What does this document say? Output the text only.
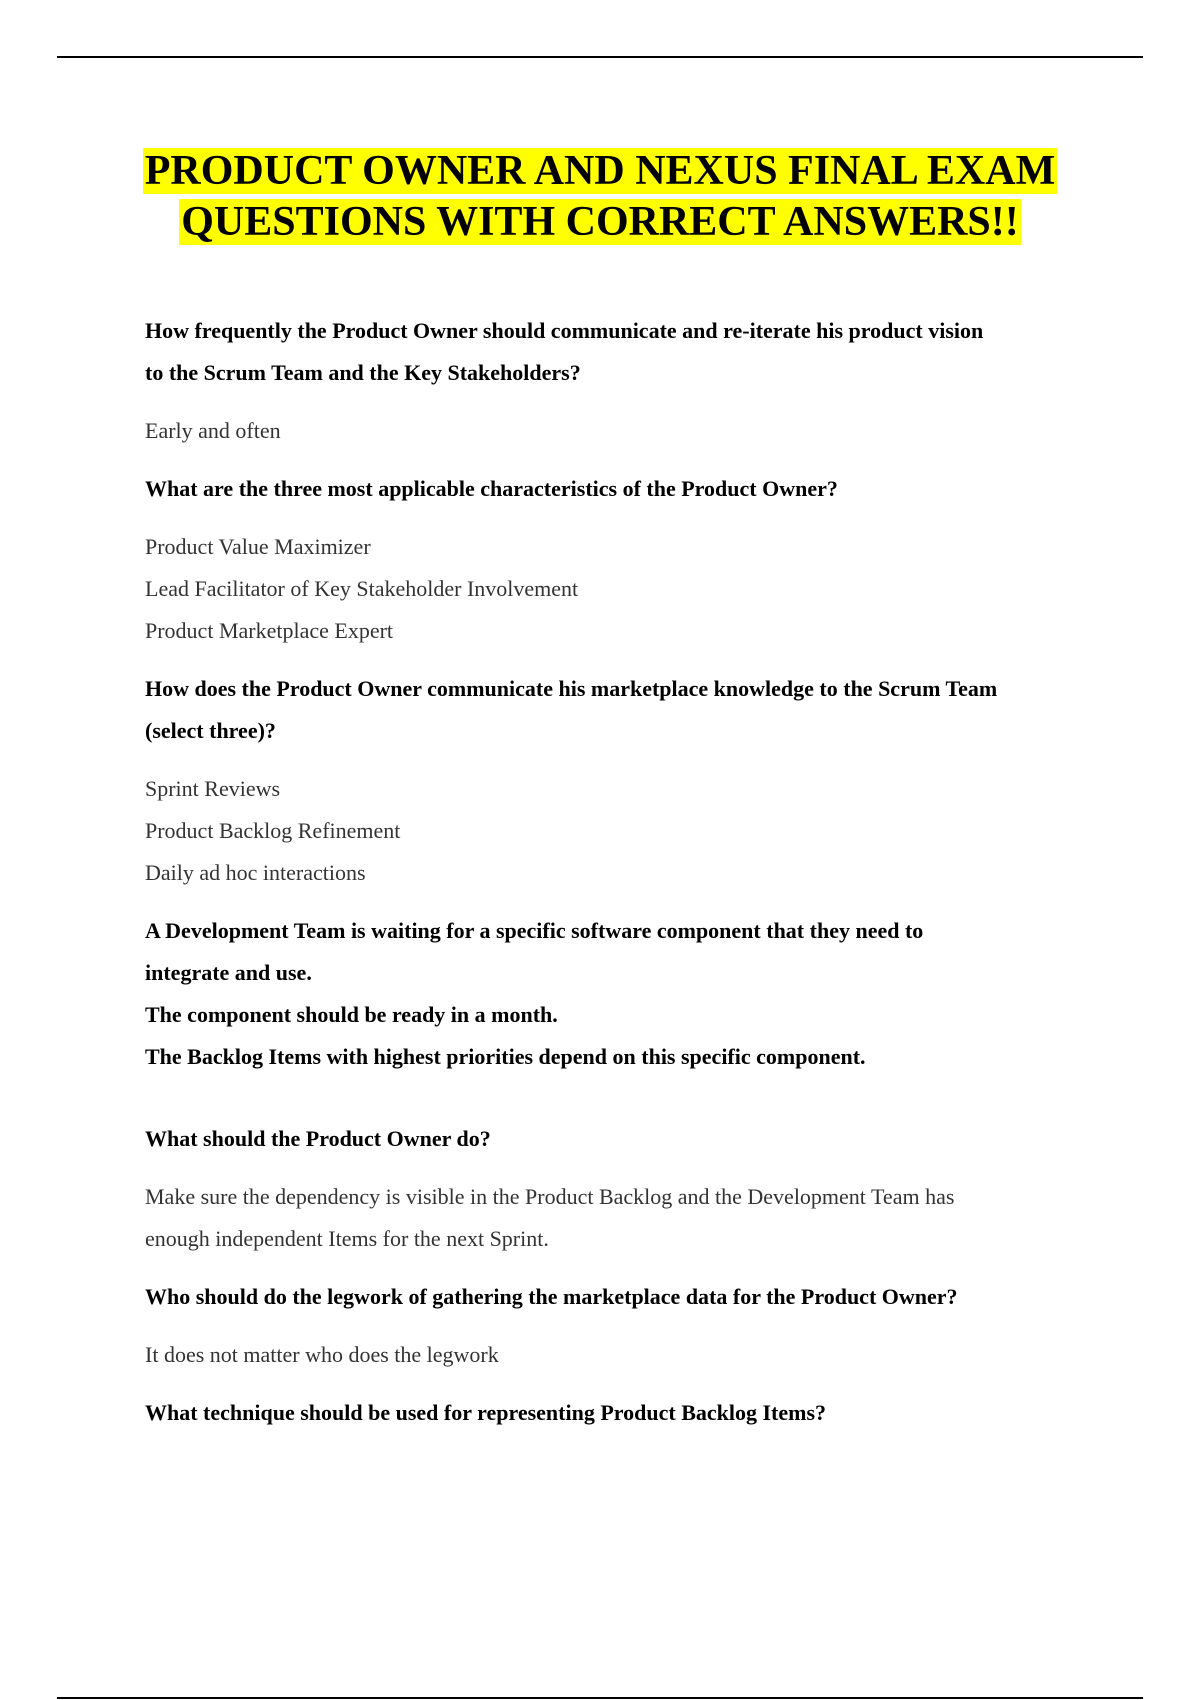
PRODUCT OWNER AND NEXUS FINAL EXAM QUESTIONS WITH CORRECT ANSWERS!!
How frequently the Product Owner should communicate and re-iterate his product vision
to the Scrum Team and the Key Stakeholders?
Early and often
What are the three most applicable characteristics of the Product Owner?
Product Value Maximizer
Lead Facilitator of Key Stakeholder Involvement
Product Marketplace Expert
How does the Product Owner communicate his marketplace knowledge to the Scrum Team
(select three)?
Sprint Reviews
Product Backlog Refinement
Daily ad hoc interactions
A Development Team is waiting for a specific software component that they need to
integrate and use.
The component should be ready in a month.
The Backlog Items with highest priorities depend on this specific component.
What should the Product Owner do?
Make sure the dependency is visible in the Product Backlog and the Development Team has
enough independent Items for the next Sprint.
Who should do the legwork of gathering the marketplace data for the Product Owner?
It does not matter who does the legwork
What technique should be used for representing Product Backlog Items?
